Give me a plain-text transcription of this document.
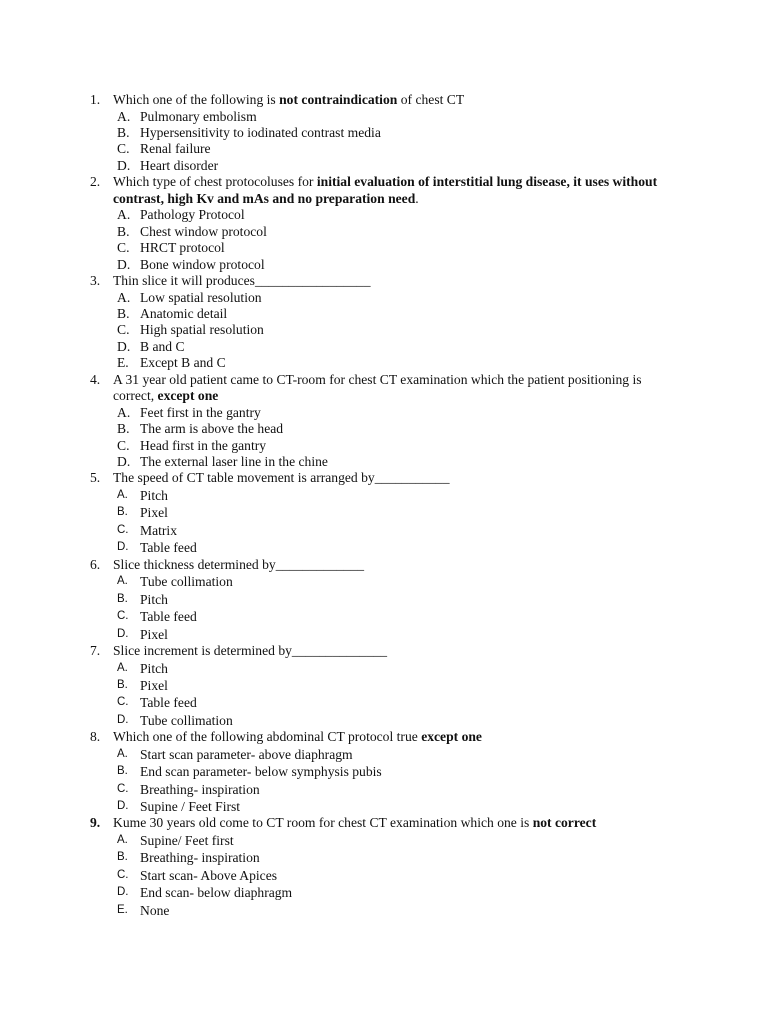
1. Which one of the following is not contraindication of chest CT
A. Pulmonary embolism
B. Hypersensitivity to iodinated contrast media
C. Renal failure
D. Heart disorder
2. Which type of chest protocoluses for initial evaluation of interstitial lung disease, it uses without contrast, high Kv and mAs and no preparation need.
A. Pathology Protocol
B. Chest window protocol
C. HRCT protocol
D. Bone window protocol
3. Thin slice it will produces_________________
A. Low spatial resolution
B. Anatomic detail
C. High spatial resolution
D. B and C
E. Except B and C
4. A 31 year old patient came to CT-room for chest CT examination which the patient positioning is correct, except one
A. Feet first in the gantry
B. The arm is above the head
C. Head first in the gantry
D. The external laser line in the chine
5. The speed of CT table movement is arranged by___________
A. Pitch
B. Pixel
C. Matrix
D. Table feed
6. Slice thickness determined by_____________
A. Tube collimation
B. Pitch
C. Table feed
D. Pixel
7. Slice increment is determined by______________
A. Pitch
B. Pixel
C. Table feed
D. Tube collimation
8. Which one of the following abdominal CT protocol true except one
A. Start scan parameter- above diaphragm
B. End scan parameter- below symphysis pubis
C. Breathing- inspiration
D. Supine / Feet First
9. Kume 30 years old come to CT room for chest CT examination which one is not correct
A. Supine/ Feet first
B. Breathing- inspiration
C. Start scan- Above Apices
D. End scan- below diaphragm
E. None
